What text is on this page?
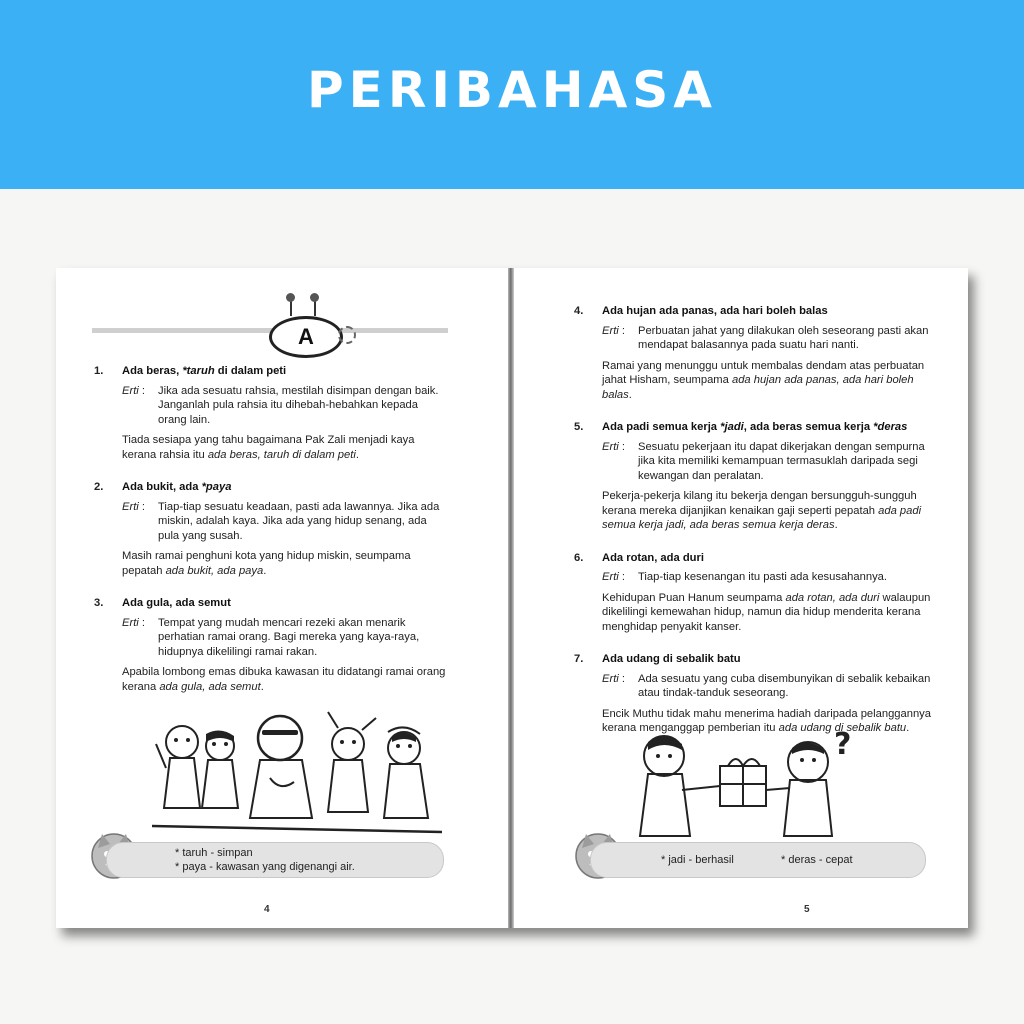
PERIBAHASA
A
1. Ada beras, *taruh di dalam peti
Erti :	Jika ada sesuatu rahsia, mestilah disimpan dengan baik. Janganlah pula rahsia itu dihebah-hebahkan kepada orang lain.
Tiada sesiapa yang tahu bagaimana Pak Zali menjadi kaya kerana rahsia itu ada beras, taruh di dalam peti.
2. Ada bukit, ada *paya
Erti :	Tiap-tiap sesuatu keadaan, pasti ada lawannya. Jika ada miskin, adalah kaya. Jika ada yang hidup senang, ada pula yang susah.
Masih ramai penghuni kota yang hidup miskin, seumpama pepatah ada bukit, ada paya.
3. Ada gula, ada semut
Erti :	Tempat yang mudah mencari rezeki akan menarik perhatian ramai orang. Bagi mereka yang kaya-raya, hidupnya dikelilingi ramai rakan.
Apabila lombong emas dibuka kawasan itu didatangi ramai orang kerana ada gula, ada semut.
* taruh - simpan
* paya - kawasan yang digenangi air.
4
4. Ada hujan ada panas, ada hari boleh balas
Erti :	Perbuatan jahat yang dilakukan oleh seseorang pasti akan mendapat balasannya pada suatu hari nanti.
Ramai yang menunggu untuk membalas dendam atas perbuatan jahat Hisham, seumpama ada hujan ada panas, ada hari boleh balas.
5. Ada padi semua kerja *jadi, ada beras semua kerja *deras
Erti :	Sesuatu pekerjaan itu dapat dikerjakan dengan sempurna jika kita memiliki kemampuan termasuklah daripada segi kewangan dan peralatan.
Pekerja-pekerja kilang itu bekerja dengan bersungguh-sungguh kerana mereka dijanjikan kenaikan gaji seperti pepatah ada padi semua kerja jadi, ada beras semua kerja deras.
6. Ada rotan, ada duri
Erti :	Tiap-tiap kesenangan itu pasti ada kesusahannya.
Kehidupan Puan Hanum seumpama ada rotan, ada duri walaupun dikelilingi kemewahan hidup, namun dia hidup menderita kerana menghidap penyakit kanser.
7. Ada udang di sebalik batu
Erti :	Ada sesuatu yang cuba disembunyikan di sebalik kebaikan atau tindak-tanduk seseorang.
Encik Muthu tidak mahu menerima hadiah daripada pelanggannya kerana menganggap pemberian itu ada udang di sebalik batu.
?
* jadi - berhasil	* deras - cepat
5
